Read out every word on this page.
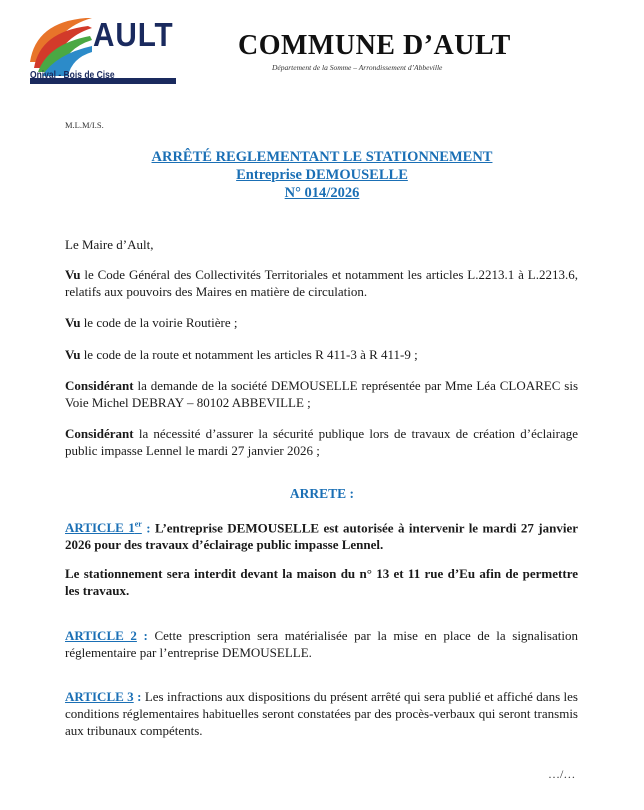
AULT
Onival - Bois de Cise
COMMUNE D’AULT
Département de la Somme – Arrondissement d’Abbeville
M.L.M/I.S.
ARRÊTÉ REGLEMENTANT LE STATIONNEMENT
Entreprise DEMOUSELLE
N° 014/2026
Le Maire d’Ault,
Vu le Code Général des Collectivités Territoriales et notamment les articles L.2213.1 à L.2213.6, relatifs aux pouvoirs des Maires en matière de circulation.
Vu le code de la voirie Routière ;
Vu le code de la route et notamment les articles R 411-3 à R 411-9 ;
Considérant la demande de la société DEMOUSELLE représentée par Mme Léa CLOAREC sis Voie Michel DEBRAY – 80102 ABBEVILLE ;
Considérant la nécessité d’assurer la sécurité publique lors de travaux de création d’éclairage public impasse Lennel le mardi 27 janvier 2026 ;
ARRETE :
ARTICLE 1er : L’entreprise DEMOUSELLE est autorisée à intervenir le mardi 27 janvier 2026 pour des travaux d’éclairage public impasse Lennel.
Le stationnement sera interdit devant la maison du n° 13 et 11 rue d’Eu afin de permettre les travaux.
ARTICLE 2 : Cette prescription sera matérialisée par la mise en place de la signalisation réglementaire par l’entreprise DEMOUSELLE.
ARTICLE 3 : Les infractions aux dispositions du présent arrêté qui sera publié et affiché dans les conditions réglementaires habituelles seront constatées par des procès-verbaux qui seront transmis aux tribunaux compétents.
…/…
